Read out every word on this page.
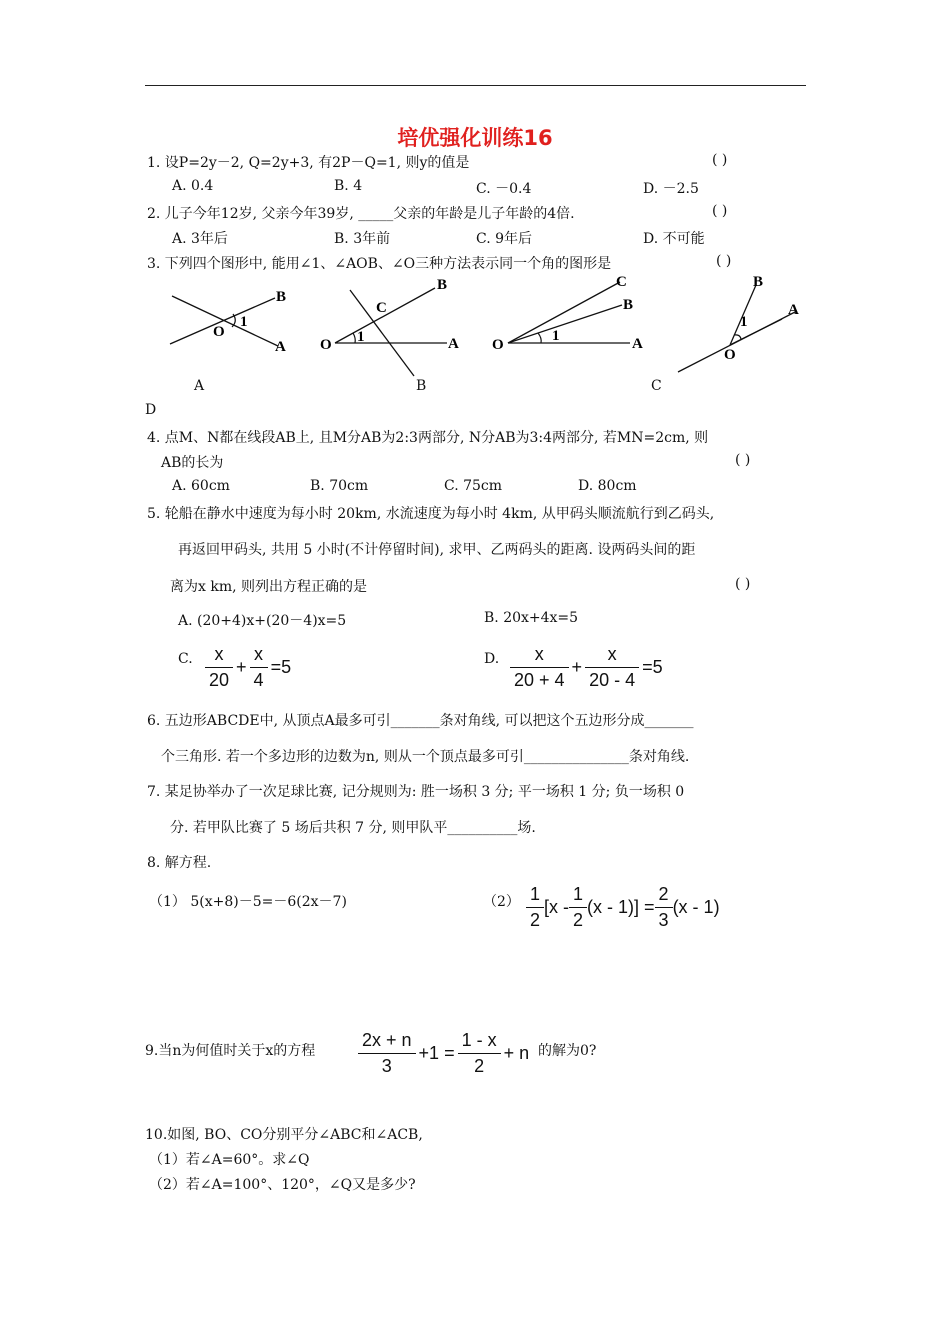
培优强化训练16
1. 设P=2y－2, Q=2y+3, 有2P－Q=1, 则y的值是	( )
A. 0.4	B. 4	C. －0.4	D. －2.5
2. 儿子今年12岁, 父亲今年39岁, _____父亲的年龄是儿子年龄的4倍.	( )
A. 3年后	B. 3年前	C. 9年后	D. 不可能
3. 下列四个图形中, 能用∠1、∠AOB、∠O三种方法表示同一个角的图形是	( )
O
1
B
A O 1
C
B
A O
1
C
B
A
O
1
B
A
A	B	C
D
4. 点M、N都在线段AB上, 且M分AB为2:3两部分, N分AB为3:4两部分, 若MN=2cm, 则
AB的长为	( )
A. 60cm	B. 70cm	C. 75cm	D. 80cm
5. 轮船在静水中速度为每小时 20km, 水流速度为每小时 4km, 从甲码头顺流航行到乙码头,
再返回甲码头, 共用 5 小时(不计停留时间), 求甲、乙两码头的距离. 设两码头间的距
离为x km, 则列出方程正确的是	( )
A. (20+4)x+(20－4)x=5	B. 20x+4x=5
C. $\frac{x}{20} + \frac{x}{4} =5$	D. $\frac{x}{20 + 4} + \frac{x}{20 - 4} =5$
6. 五边形ABCDE中, 从顶点A最多可引_______条对角线, 可以把这个五边形分成_______
个三角形. 若一个多边形的边数为n, 则从一个顶点最多可引_______________条对角线.
7. 某足协举办了一次足球比赛, 记分规则为: 胜一场积 3 分; 平一场积 1 分; 负一场积 0
分. 若甲队比赛了 5 场后共积 7 分, 则甲队平__________场.
8. 解方程.
（1） 5(x+8)－5=－6(2x－7)	$(2) \frac{1}{2} [x - \frac{1}{2} (x - 1)] = \frac{2}{3} (x - 1)$
9.当n为何值时关于x的方程 $\frac{2x + n}{3} +1 = \frac{1 - x}{2} + n$ 的解为0?
10.如图, BO、CO分别平分∠ABC和∠ACB,
（1）若∠A=60°。求∠Q
（2）若∠A=100°、120°，∠Q又是多少?
